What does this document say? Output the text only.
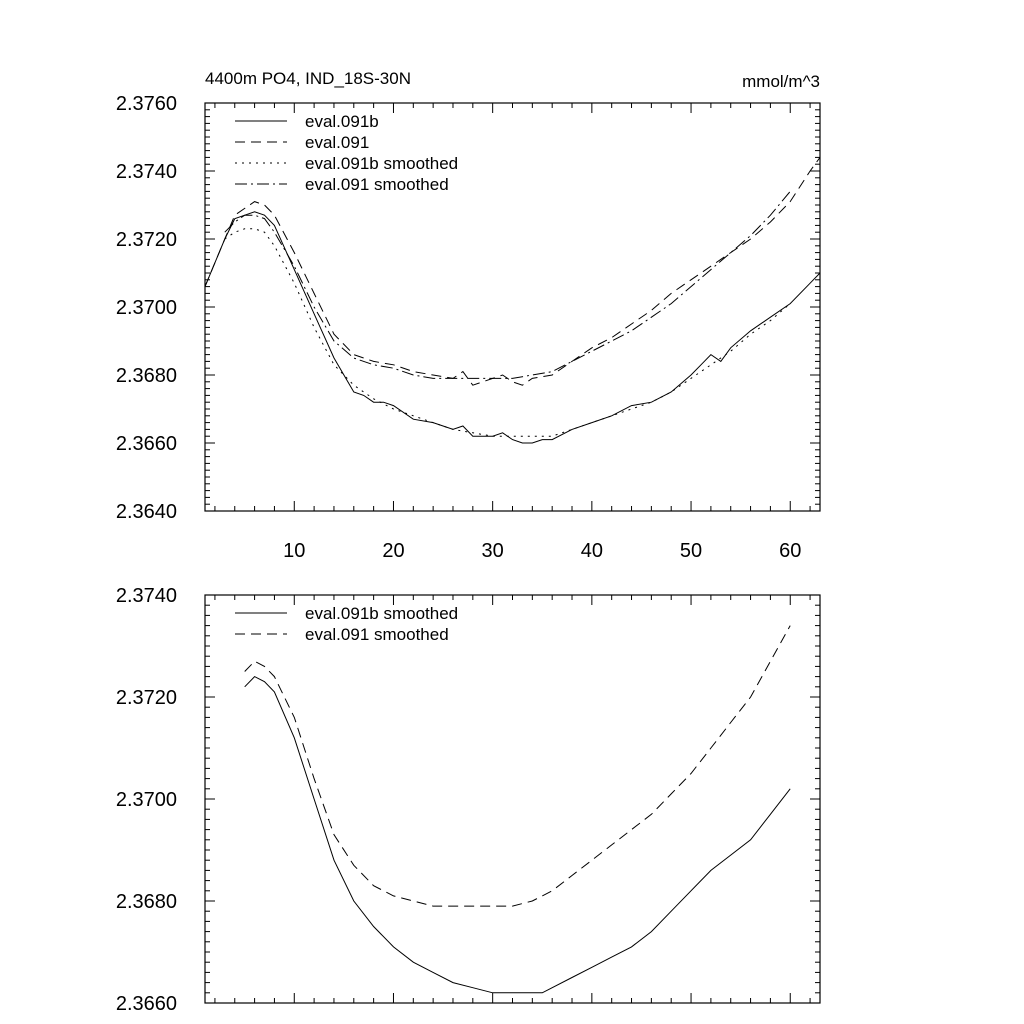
4400m PO4, IND_18S-30N	mmol/m^3
2.3640
2.3660
2.3680
2.3700
2.3720
2.3740
2.3760
10	20	30	40	50	60
eval.091b
eval.091
eval.091b smoothed
eval.091 smoothed
2.3660
2.3680
2.3700
2.3720
2.3740
eval.091b smoothed
eval.091 smoothed
